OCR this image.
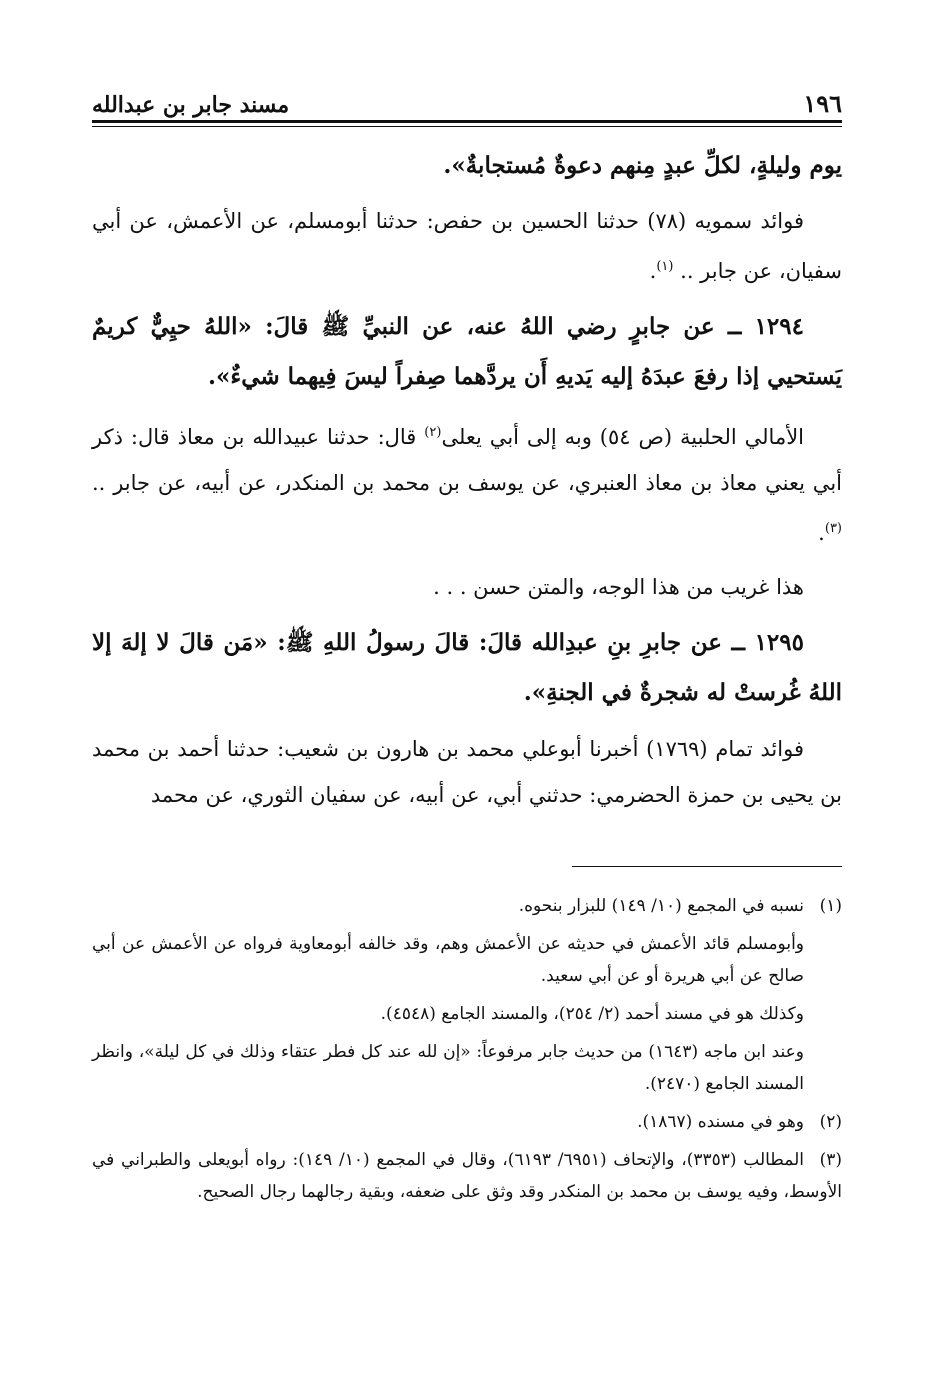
١٩٦
مسند جابر بن عبدالله

يوم وليلةٍ، لكلِّ عبدٍ مِنهم دعوةٌ مُستجابةٌ».

فوائد سمويه (٧٨) حدثنا الحسين بن حفص: حدثنا أبومسلم، عن الأعمش، عن أبي سفيان، عن جابر .. $^{(١)}$.

١٢٩٤ ــ عن جابرٍ رضي اللهُ عنه، عن النبيِّ ﷺ قالَ: «اللهُ حيِيٌّ كريمٌ يَستحيي إذا رفعَ عبدَهُ إليه يَديهِ أَن يردَّهما صِفراً ليسَ فِيهما شيءٌ».

الأمالي الحلبية (ص ٥٤) وبه إلى أبي يعلى$^{(٢)}$ قال: حدثنا عبيدالله بن معاذ قال: ذكر أبي يعني معاذ بن معاذ العنبري، عن يوسف بن محمد بن المنكدر، عن أبيه، عن جابر .. $^{(٣)}$.

هذا غريب من هذا الوجه، والمتن حسن . . .

١٢٩٥ ــ عن جابرِ بنِ عبدِالله قالَ: قالَ رسولُ اللهِ ﷺ: «مَن قالَ لا إلهَ إلا اللهُ غُرستْ له شجرةٌ في الجنةِ».

فوائد تمام (١٧٦٩) أخبرنا أبوعلي محمد بن هارون بن شعيب: حدثنا أحمد بن محمد بن يحيى بن حمزة الحضرمي: حدثني أبي، عن أبيه، عن سفيان الثوري، عن محمد

(١)نسبه في المجمع (١٠/ ١٤٩) للبزار بنحوه.

وأبومسلم قائد الأعمش في حديثه عن الأعمش وهم، وقد خالفه أبومعاوية فرواه عن الأعمش عن أبي صالح عن أبي هريرة أو عن أبي سعيد.

وكذلك هو في مسند أحمد (٢/ ٢٥٤)، والمسند الجامع (٤٥٤٨).

وعند ابن ماجه (١٦٤٣) من حديث جابر مرفوعاً: «إن لله عند كل فطر عتقاء وذلك في كل ليلة»، وانظر المسند الجامع (٢٤٧٠).

(٢)وهو في مسنده (١٨٦٧).

(٣)المطالب (٣٣٥٣)، والإتحاف (٦٩٥١/ ٦١٩٣)، وقال في المجمع (١٠/ ١٤٩): رواه أبويعلى والطبراني في الأوسط، وفيه يوسف بن محمد بن المنكدر وقد وثق على ضعفه، وبقية رجالهما رجال الصحيح.
